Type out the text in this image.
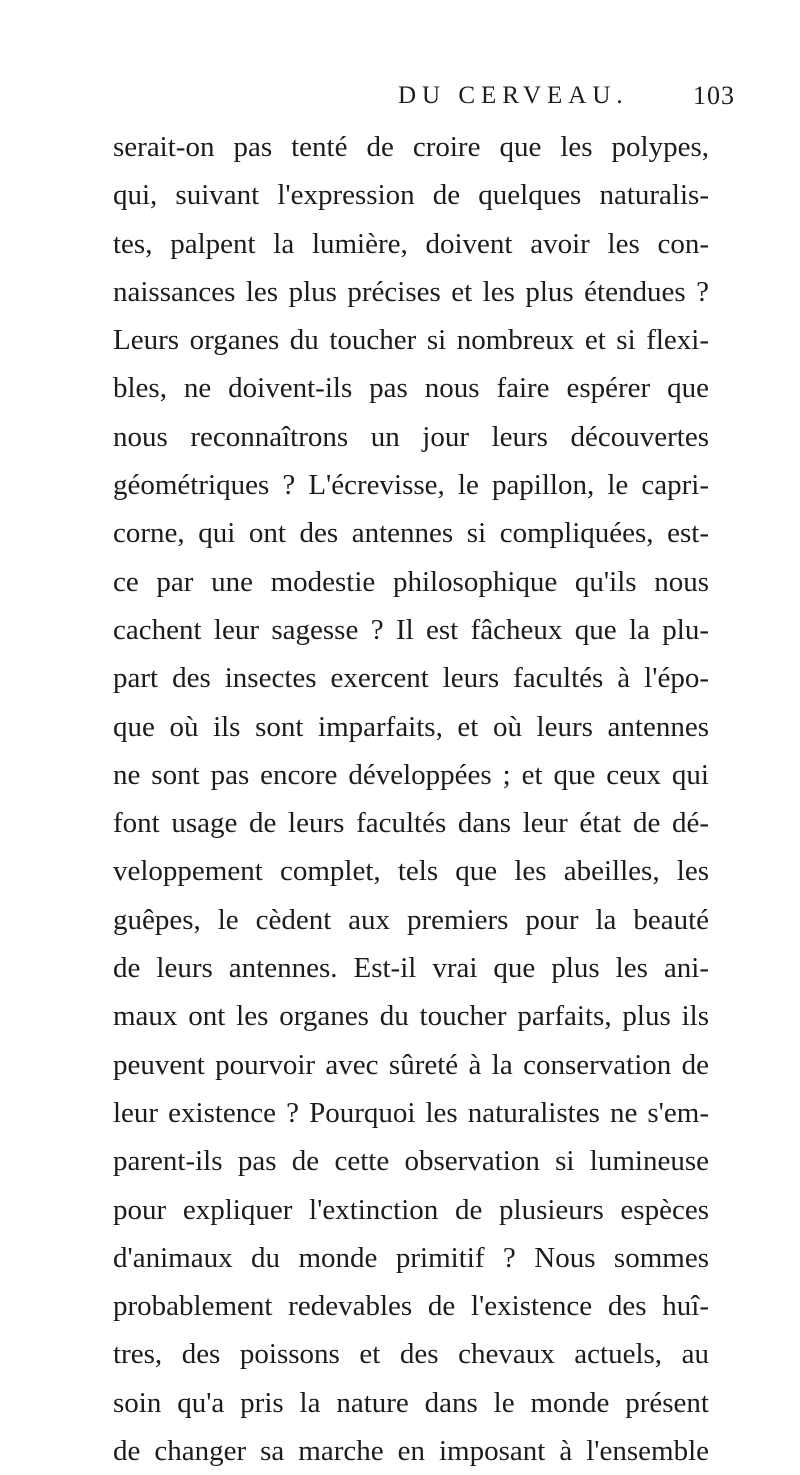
DU CERVEAU. 103
serait-on pas tenté de croire que les polypes,
qui, suivant l'expression de quelques naturalis-
tes, palpent la lumière, doivent avoir les con-
naissances les plus précises et les plus étendues ?
Leurs organes du toucher si nombreux et si flexi-
bles, ne doivent-ils pas nous faire espérer que
nous reconnaîtrons un jour leurs découvertes
géométriques ? L'écrevisse, le papillon, le capri-
corne, qui ont des antennes si compliquées, est-
ce par une modestie philosophique qu'ils nous
cachent leur sagesse ? Il est fâcheux que la plu-
part des insectes exercent leurs facultés à l'épo-
que où ils sont imparfaits, et où leurs antennes
ne sont pas encore développées ; et que ceux qui
font usage de leurs facultés dans leur état de dé-
veloppement complet, tels que les abeilles, les
guêpes, le cèdent aux premiers pour la beauté
de leurs antennes. Est-il vrai que plus les ani-
maux ont les organes du toucher parfaits, plus ils
peuvent pourvoir avec sûreté à la conservation de
leur existence ? Pourquoi les naturalistes ne s'em-
parent-ils pas de cette observation si lumineuse
pour expliquer l'extinction de plusieurs espèces
d'animaux du monde primitif ? Nous sommes
probablement redevables de l'existence des huî-
tres, des poissons et des chevaux actuels, au
soin qu'a pris la nature dans le monde présent
de changer sa marche en imposant à l'ensemble
